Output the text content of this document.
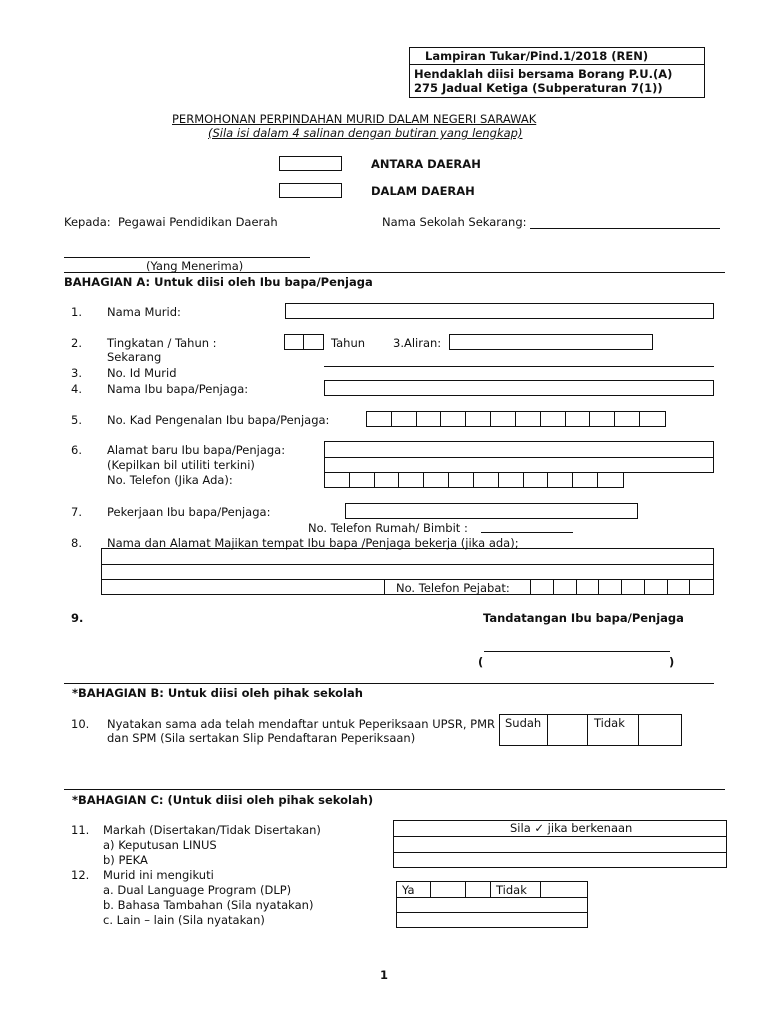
Lampiran Tukar/Pind.1/2018 (REN)
Hendaklah diisi bersama Borang P.U.(A)
275 Jadual Ketiga (Subperaturan 7(1))
PERMOHONAN PERPINDAHAN MURID DALAM NEGERI SARAWAK
(Sila isi dalam 4 salinan dengan butiran yang lengkap)
ANTARA DAERAH
DALAM DAERAH
Kepada: Pegawai Pendidikan Daerah	Nama Sekolah Sekarang:
(Yang Menerima)
BAHAGIAN A: Untuk diisi oleh Ibu bapa/Penjaga
1. Nama Murid:
2. Tingkatan / Tahun :
Sekarang
Tahun 3.Aliran:
3. No. Id Murid
4. Nama Ibu bapa/Penjaga:
5. No. Kad Pengenalan Ibu bapa/Penjaga:
6. Alamat baru Ibu bapa/Penjaga:
(Kepilkan bil utiliti terkini)
No. Telefon (Jika Ada):
7. Pekerjaan Ibu bapa/Penjaga:
No. Telefon Rumah/ Bimbit :
8. Nama dan Alamat Majikan tempat Ibu bapa /Penjaga bekerja (jika ada);
No. Telefon Pejabat:
9.	Tandatangan Ibu bapa/Penjaga
(	)
*BAHAGIAN B: Untuk diisi oleh pihak sekolah
10. Nyatakan sama ada telah mendaftar untuk Peperiksaan UPSR, PMR
dan SPM (Sila sertakan Slip Pendaftaran Peperiksaan)
Sudah	Tidak
*BAHAGIAN C: (Untuk diisi oleh pihak sekolah)
11. Markah (Disertakan/Tidak Disertakan)
a) Keputusan LINUS
b) PEKA
Sila ✓ jika berkenaan
12. Murid ini mengikuti
a. Dual Language Program (DLP)
b. Bahasa Tambahan (Sila nyatakan)
c. Lain – lain (Sila nyatakan)
Ya	Tidak
1
